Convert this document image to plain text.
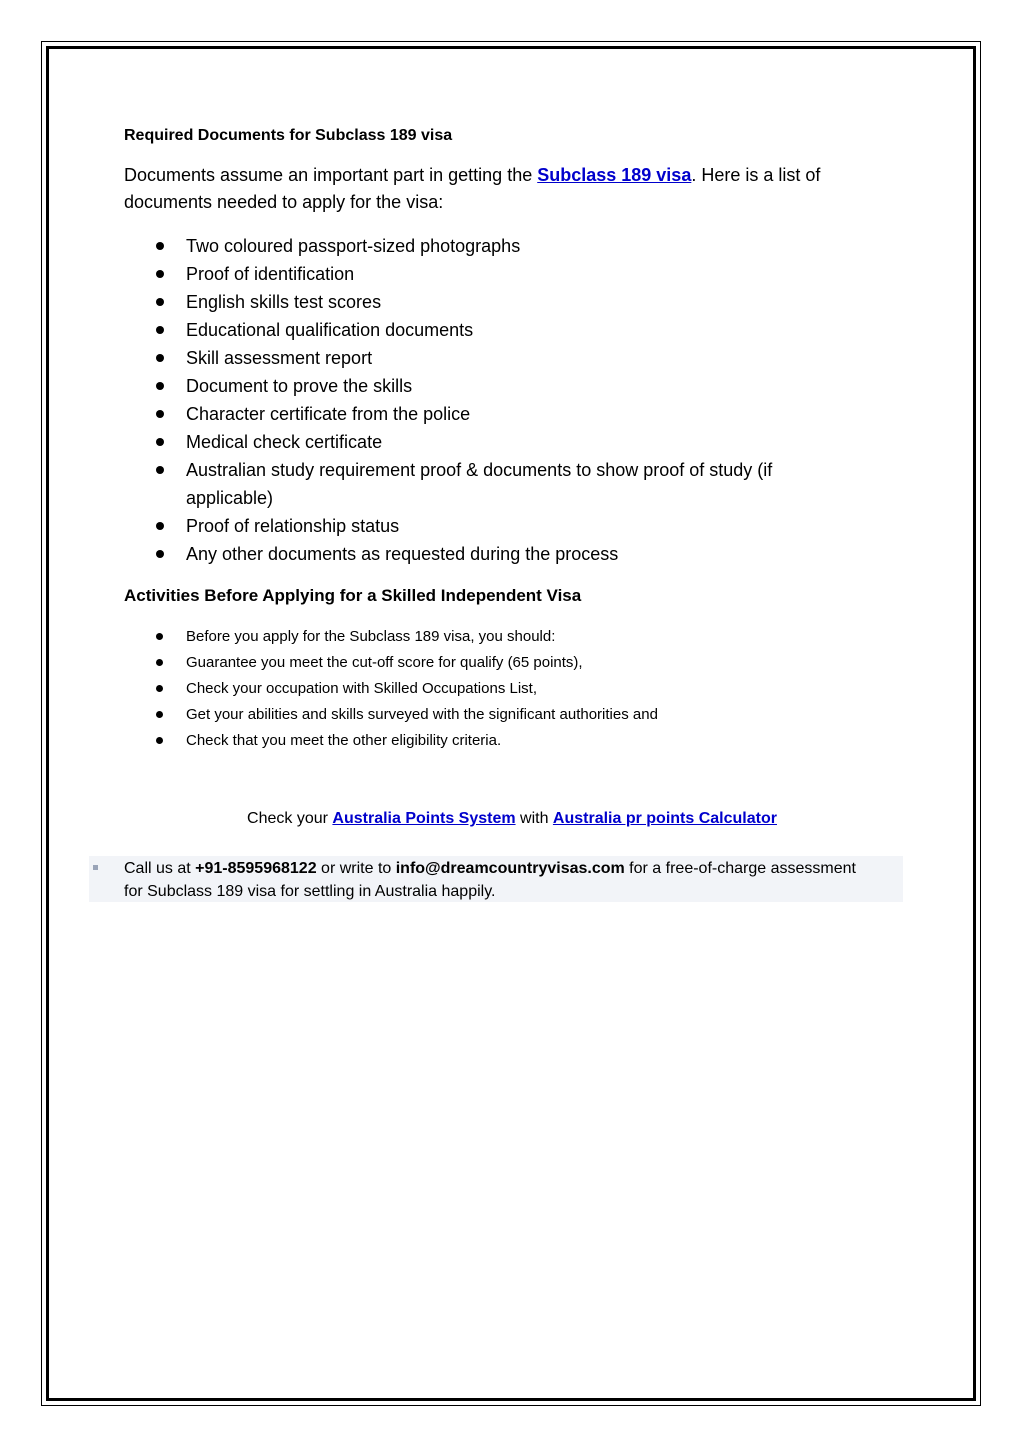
Required Documents for Subclass 189 visa

Documents assume an important part in getting the Subclass 189 visa. Here is a list of documents needed to apply for the visa:

Two coloured passport-sized photographs
Proof of identification
English skills test scores
Educational qualification documents
Skill assessment report
Document to prove the skills
Character certificate from the police
Medical check certificate
Australian study requirement proof & documents to show proof of study (if applicable)
Proof of relationship status
Any other documents as requested during the process
Activities Before Applying for a Skilled Independent Visa
Before you apply for the Subclass 189 visa, you should:
Guarantee you meet the cut-off score for qualify (65 points),
Check your occupation with Skilled Occupations List,
Get your abilities and skills surveyed with the significant authorities and
Check that you meet the other eligibility criteria.
Check your Australia Points System with Australia pr points Calculator
Call us at +91-8595968122 or write to info@dreamcountryvisas.com for a free-of-charge assessment for Subclass 189 visa for settling in Australia happily.
